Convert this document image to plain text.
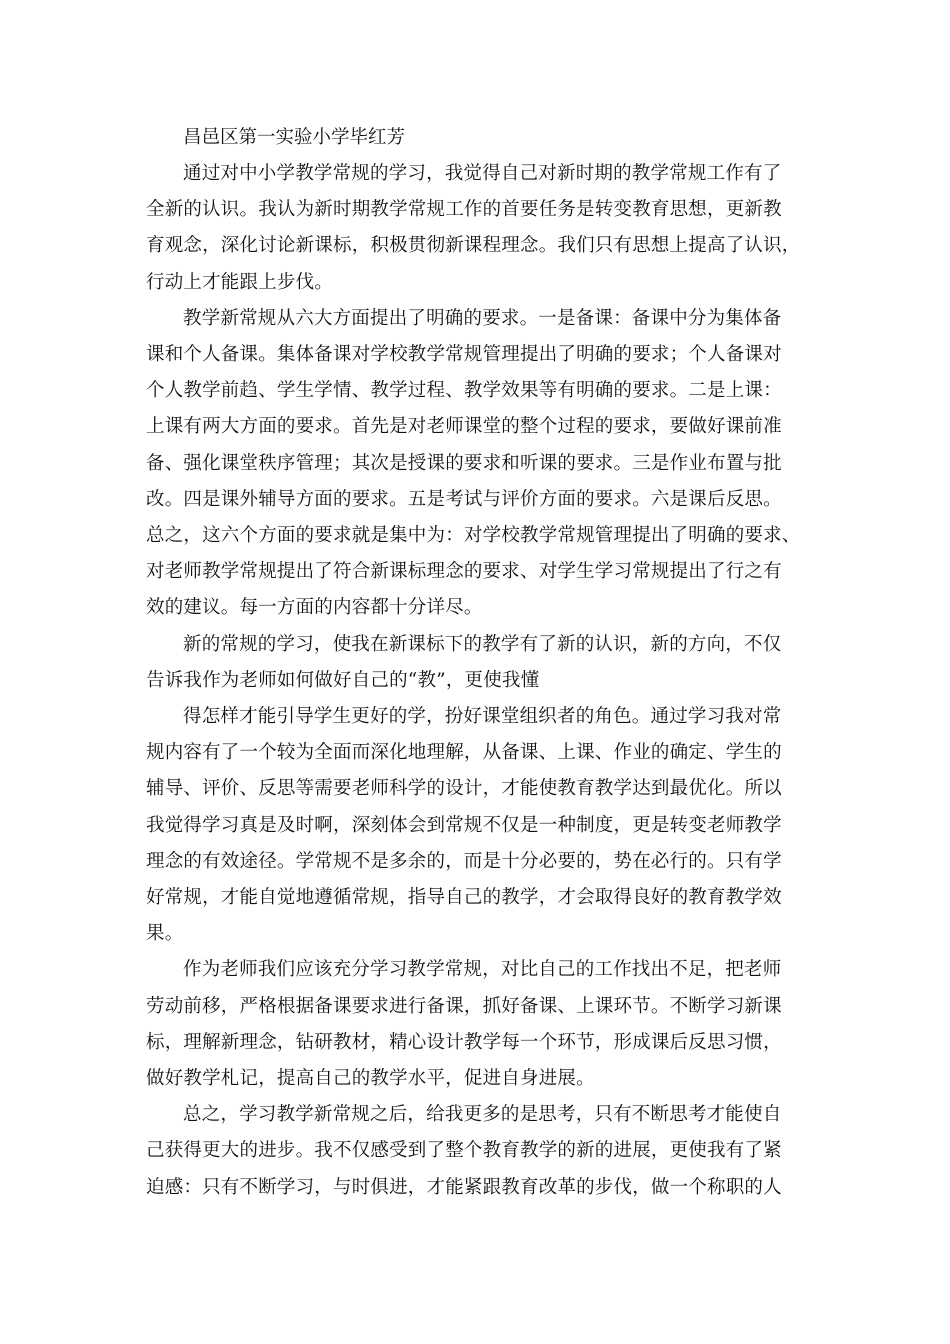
昌邑区第一实验小学毕红芳
通过对中小学教学常规的学习，我觉得自己对新时期的教学常规工作有了
全新的认识。我认为新时期教学常规工作的首要任务是转变教育思想，更新教
育观念，深化讨论新课标，积极贯彻新课程理念。我们只有思想上提高了认识，
行动上才能跟上步伐。
教学新常规从六大方面提出了明确的要求。一是备课：备课中分为集体备
课和个人备课。集体备课对学校教学常规管理提出了明确的要求；个人备课对
个人教学前趋、学生学情、教学过程、教学效果等有明确的要求。二是上课：
上课有两大方面的要求。首先是对老师课堂的整个过程的要求，要做好课前准
备、强化课堂秩序管理；其次是授课的要求和听课的要求。三是作业布置与批
改。四是课外辅导方面的要求。五是考试与评价方面的要求。六是课后反思。
总之，这六个方面的要求就是集中为：对学校教学常规管理提出了明确的要求、
对老师教学常规提出了符合新课标理念的要求、对学生学习常规提出了行之有
效的建议。每一方面的内容都十分详尽。
新的常规的学习，使我在新课标下的教学有了新的认识，新的方向，不仅
告诉我作为老师如何做好自己的“教”，更使我懂
得怎样才能引导学生更好的学，扮好课堂组织者的角色。通过学习我对常
规内容有了一个较为全面而深化地理解，从备课、上课、作业的确定、学生的
辅导、评价、反思等需要老师科学的设计，才能使教育教学达到最优化。所以
我觉得学习真是及时啊，深刻体会到常规不仅是一种制度，更是转变老师教学
理念的有效途径。学常规不是多余的，而是十分必要的，势在必行的。只有学
好常规，才能自觉地遵循常规，指导自己的教学，才会取得良好的教育教学效
果。
作为老师我们应该充分学习教学常规，对比自己的工作找出不足，把老师
劳动前移，严格根据备课要求进行备课，抓好备课、上课环节。不断学习新课
标，理解新理念，钻研教材，精心设计教学每一个环节，形成课后反思习惯，
做好教学札记，提高自己的教学水平，促进自身进展。
总之，学习教学新常规之后，给我更多的是思考，只有不断思考才能使自
己获得更大的进步。我不仅感受到了整个教育教学的新的进展，更使我有了紧
迫感：只有不断学习，与时俱进，才能紧跟教育改革的步伐，做一个称职的人
